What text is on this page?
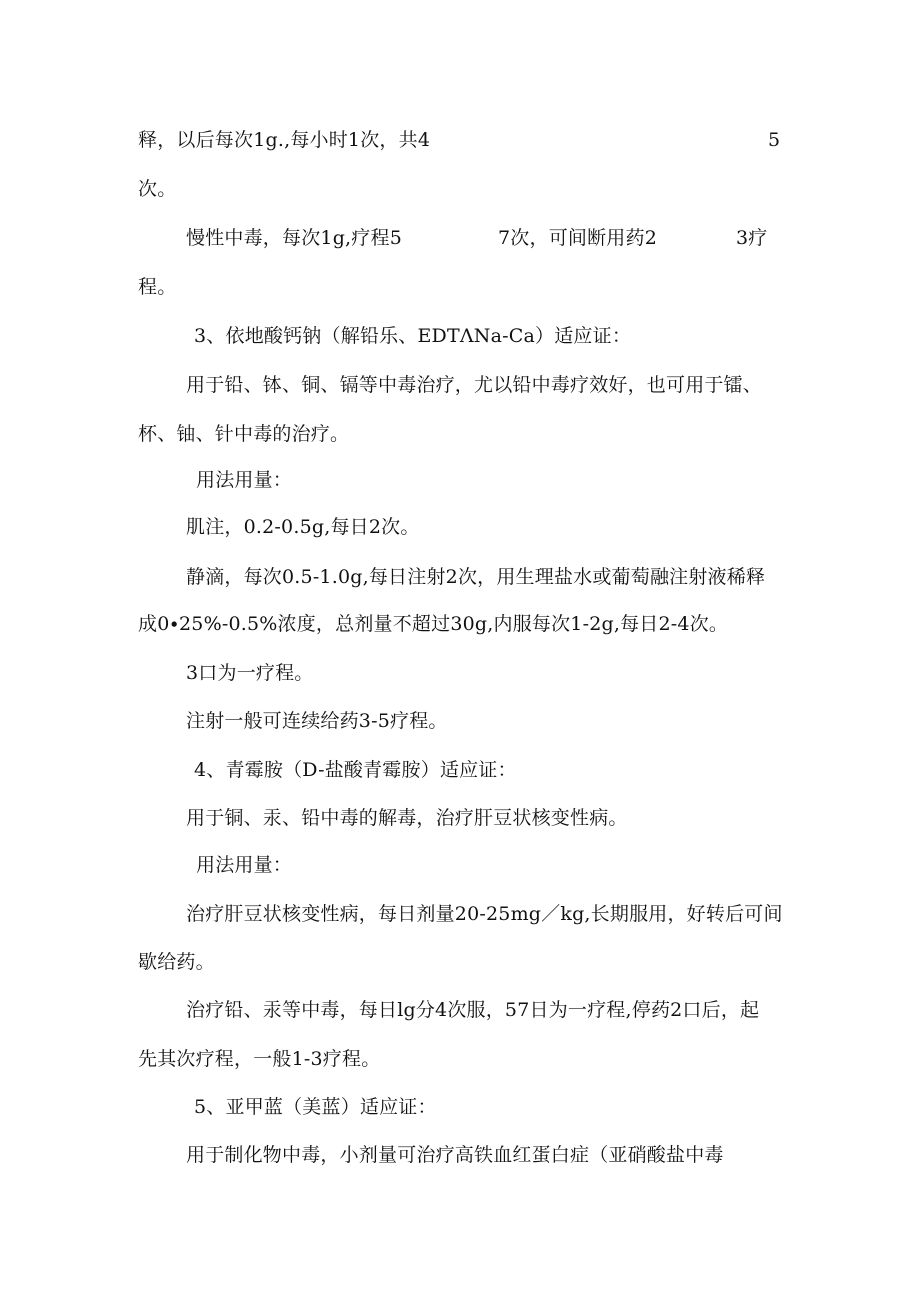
释，以后每次1g.,每小时1次，共4	5
次。
慢性中毒，每次1g,疗程5	7次，可间断用药2	3疗
程。
3、依地酸钙钠（解铅乐、EDTΛNa-Ca）适应证：
用于铅、钵、铜、镉等中毒治疗，尤以铅中毒疗效好，也可用于镭、
杯、铀、针中毒的治疗。
用法用量：
肌注，0.2-0.5g,每日2次。
静滴，每次0.5-1.0g,每日注射2次，用生理盐水或葡萄融注射液稀释
成0∙25%-0.5%浓度，总剂量不超过30g,内服每次1-2g,每日2-4次。
3口为一疗程。
注射一般可连续给药3-5疗程。
4、青霉胺（D-盐酸青霉胺）适应证：
用于铜、汞、铅中毒的解毒，治疗肝豆状核变性病。
用法用量：
治疗肝豆状核变性病，每日剂量20-25mg／kg,长期服用，好转后可间
歇给药。
治疗铅、汞等中毒，每日lg分4次服，57日为一疗程,停药2口后，起
先其次疗程，一般1-3疗程。
5、亚甲蓝（美蓝）适应证：
用于制化物中毒，小剂量可治疗高铁血红蛋白症（亚硝酸盐中毒
